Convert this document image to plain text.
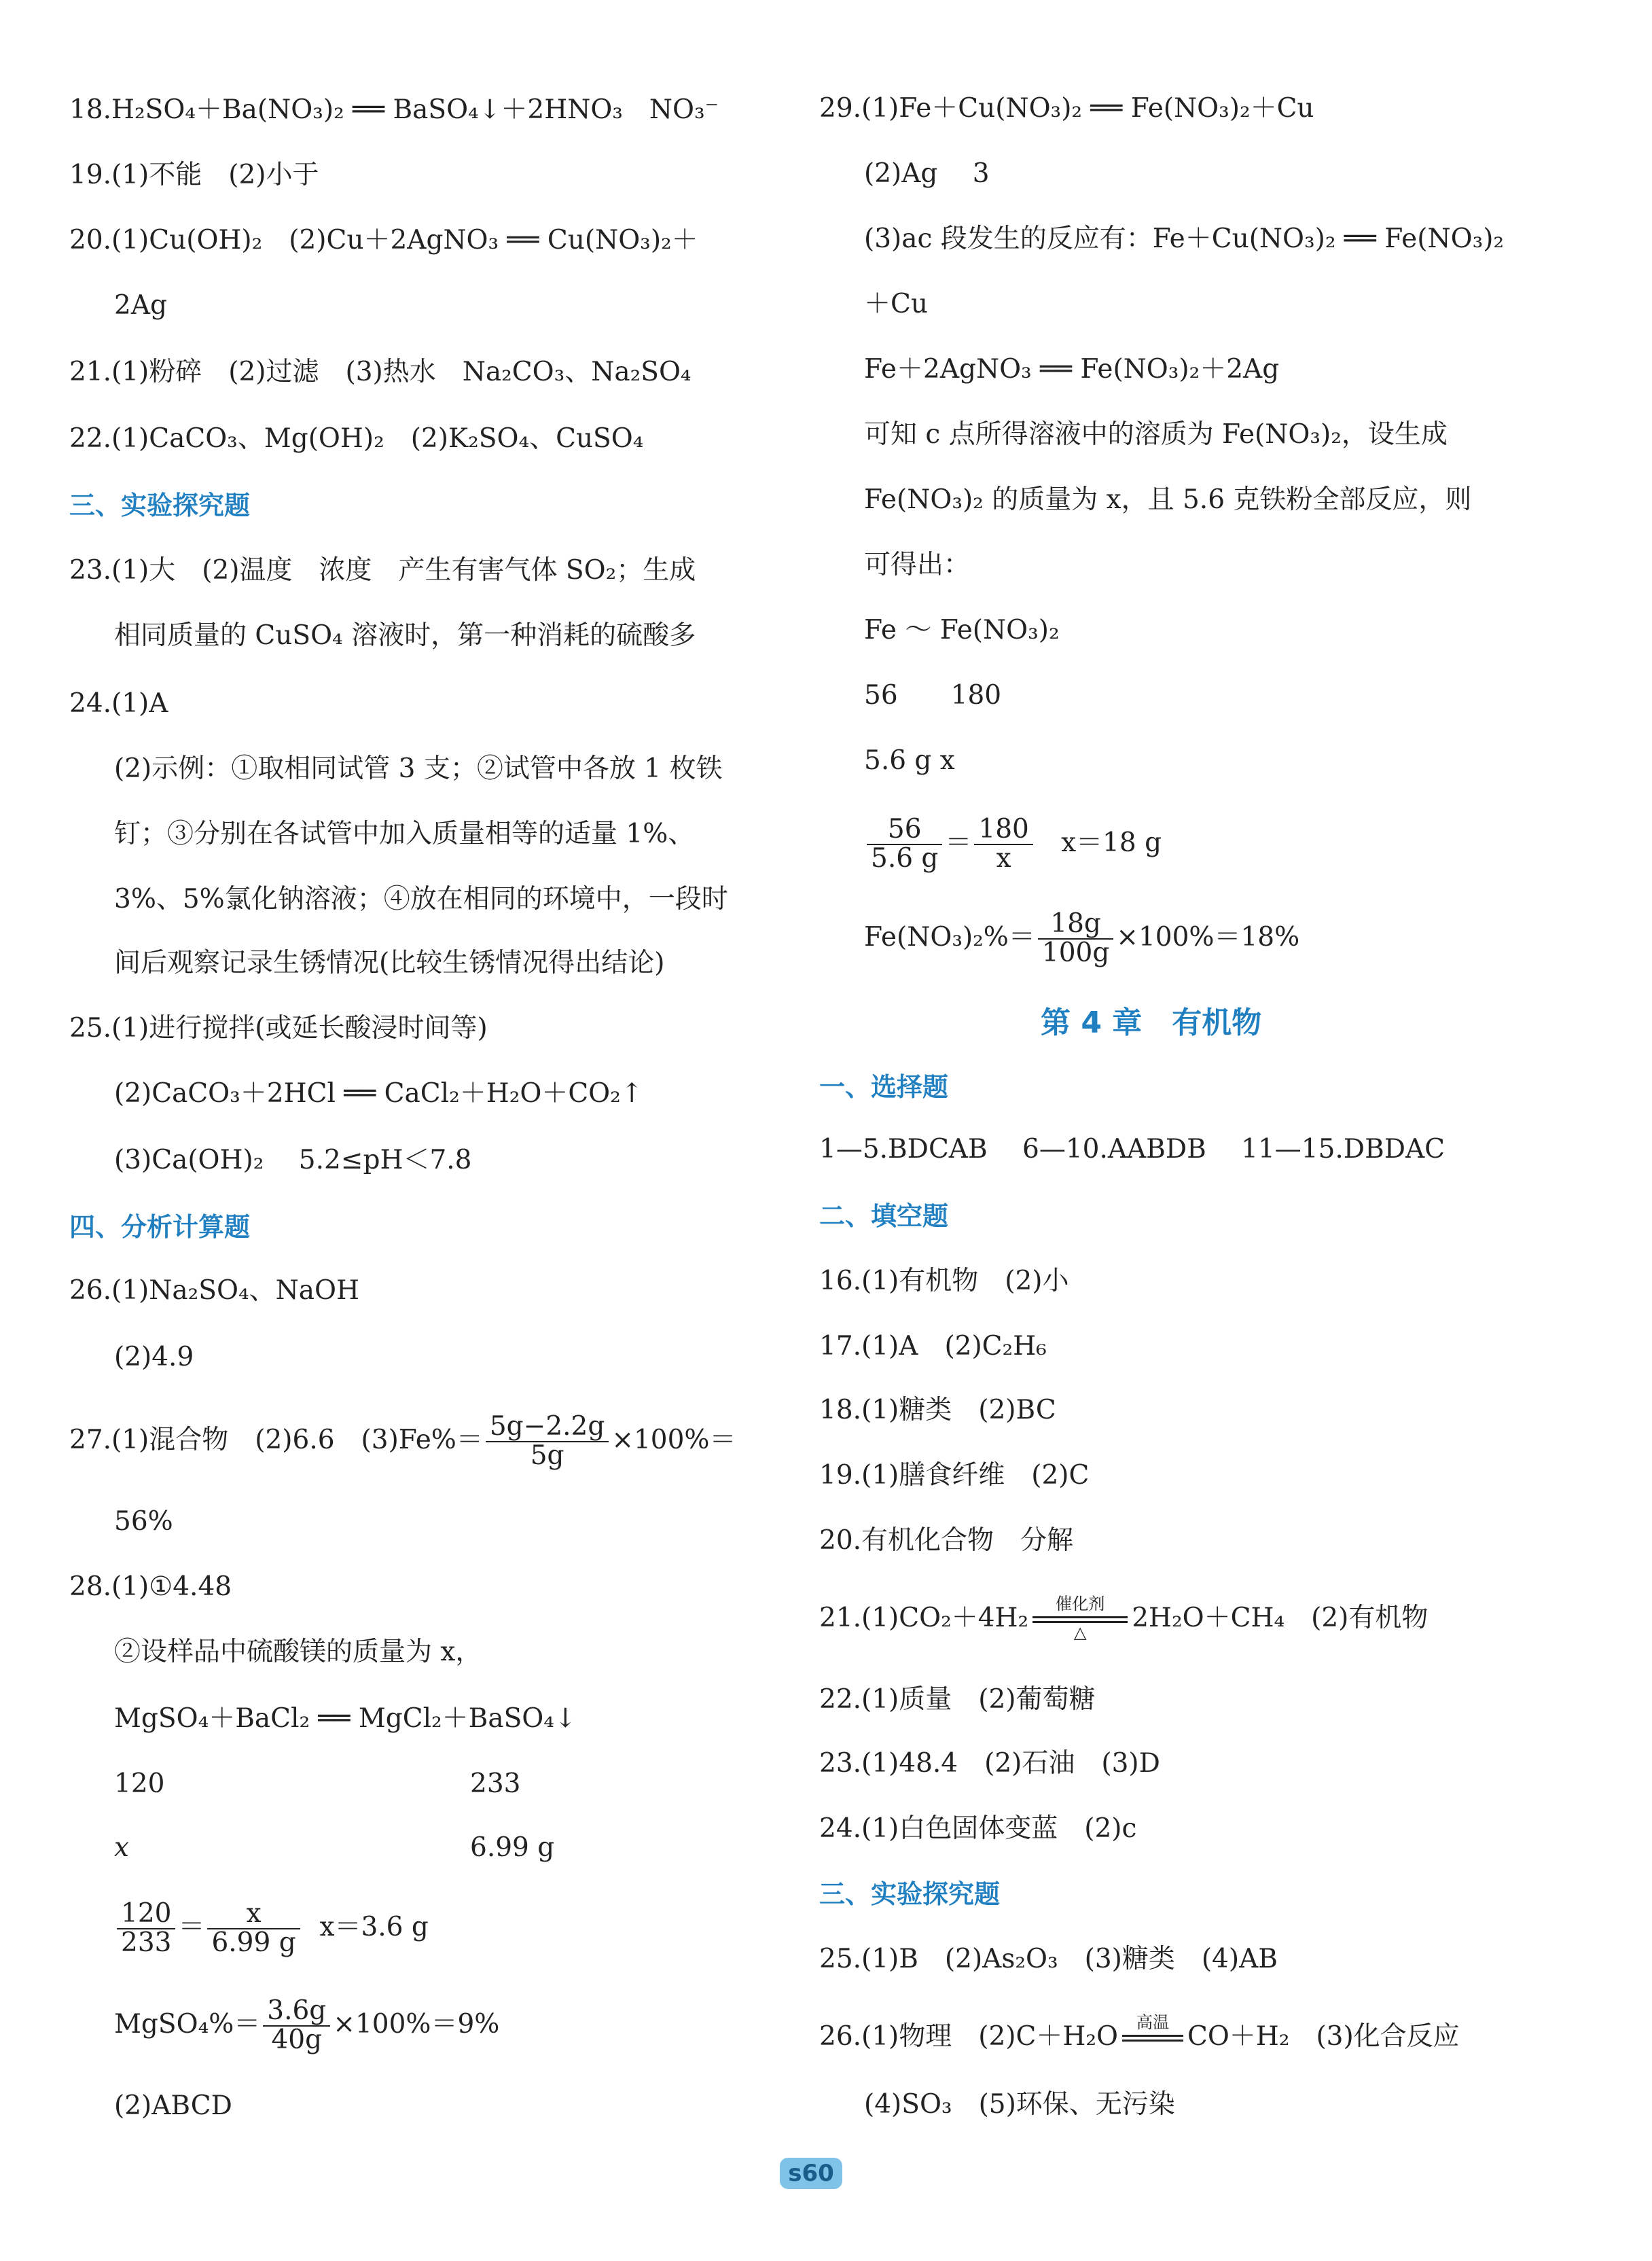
18.H₂SO₄＋Ba(NO₃)₂ ══ BaSO₄↓＋2HNO₃　NO₃⁻
19.(1)不能　(2)小于
20.(1)Cu(OH)₂　(2)Cu＋2AgNO₃ ══ Cu(NO₃)₂＋
2Ag
21.(1)粉碎　(2)过滤　(3)热水　Na₂CO₃、Na₂SO₄
22.(1)CaCO₃、Mg(OH)₂　(2)K₂SO₄、CuSO₄
三、实验探究题
23.(1)大　(2)温度　浓度　产生有害气体 SO₂；生成
相同质量的 CuSO₄ 溶液时，第一种消耗的硫酸多
24.(1)A
(2)示例：①取相同试管 3 支；②试管中各放 1 枚铁
钉；③分别在各试管中加入质量相等的适量 1%、
3%、5%氯化钠溶液；④放在相同的环境中，一段时
间后观察记录生锈情况(比较生锈情况得出结论)
25.(1)进行搅拌(或延长酸浸时间等)
(2)CaCO₃＋2HCl ══ CaCl₂＋H₂O＋CO₂↑
(3)Ca(OH)₂　 5.2≤pH＜7.8
四、分析计算题
26.(1)Na₂SO₄、NaOH
(2)4.9
27.(1)混合物　(2)6.6　$(3)Fe\%= \frac{5g-2.2g}{5g} \times 100\%=$
56%
28.(1)①4.48
②设样品中硫酸镁的质量为 x，
MgSO₄＋BaCl₂ ══ MgCl₂＋BaSO₄↓
120	233
x	6.99 g
$\frac{120}{233} = \frac{x}{6.99 g} x=3.6$ g
MgSO₄%＝ $\frac{3.6g}{40g} \times 100\%=9\%$
(2)ABCD
29.(1)Fe＋Cu(NO₃)₂ ══ Fe(NO₃)₂＋Cu
(2)Ag　 3
(3)ac 段发生的反应有：Fe＋Cu(NO₃)₂ ══ Fe(NO₃)₂
＋Cu
Fe＋2AgNO₃ ══ Fe(NO₃)₂＋2Ag
可知 c 点所得溶液中的溶质为 Fe(NO₃)₂，设生成
Fe(NO₃)₂ 的质量为 x，且 5.6 克铁粉全部反应，则
可得出：
Fe ～ Fe(NO₃)₂
56　　180
5.6 g x
$\frac{56}{5.6 g} = \frac{180}{x} x=18$ g
$Fe(NO_3)_2\%= \frac{18g}{100g} \times 100\%=18\%$
第 4 章　有机物
一、选择题
1—5.BDCAB　 6—10.AABDB　 11—15.DBDAC
二、填空题
16.(1)有机物　(2)小
17.(1)A　(2)C₂H₆
18.(1)糖类　(2)BC
19.(1)膳食纤维　(2)C
20.有机化合物　分解
21.(1)CO₂＋4H₂	催化剂
△	2H₂O＋CH₄　(2)有机物
22.(1)质量　(2)葡萄糖
23.(1)48.4　(2)石油　(3)D
24.(1)白色固体变蓝　(2)c
三、实验探究题
25.(1)B　(2)As₂O₃　(3)糖类　(4)AB
26.(1)物理　(2)C＋H₂O	高温 CO＋H₂　(3)化合反应
(4)SO₃　(5)环保、无污染
s60
